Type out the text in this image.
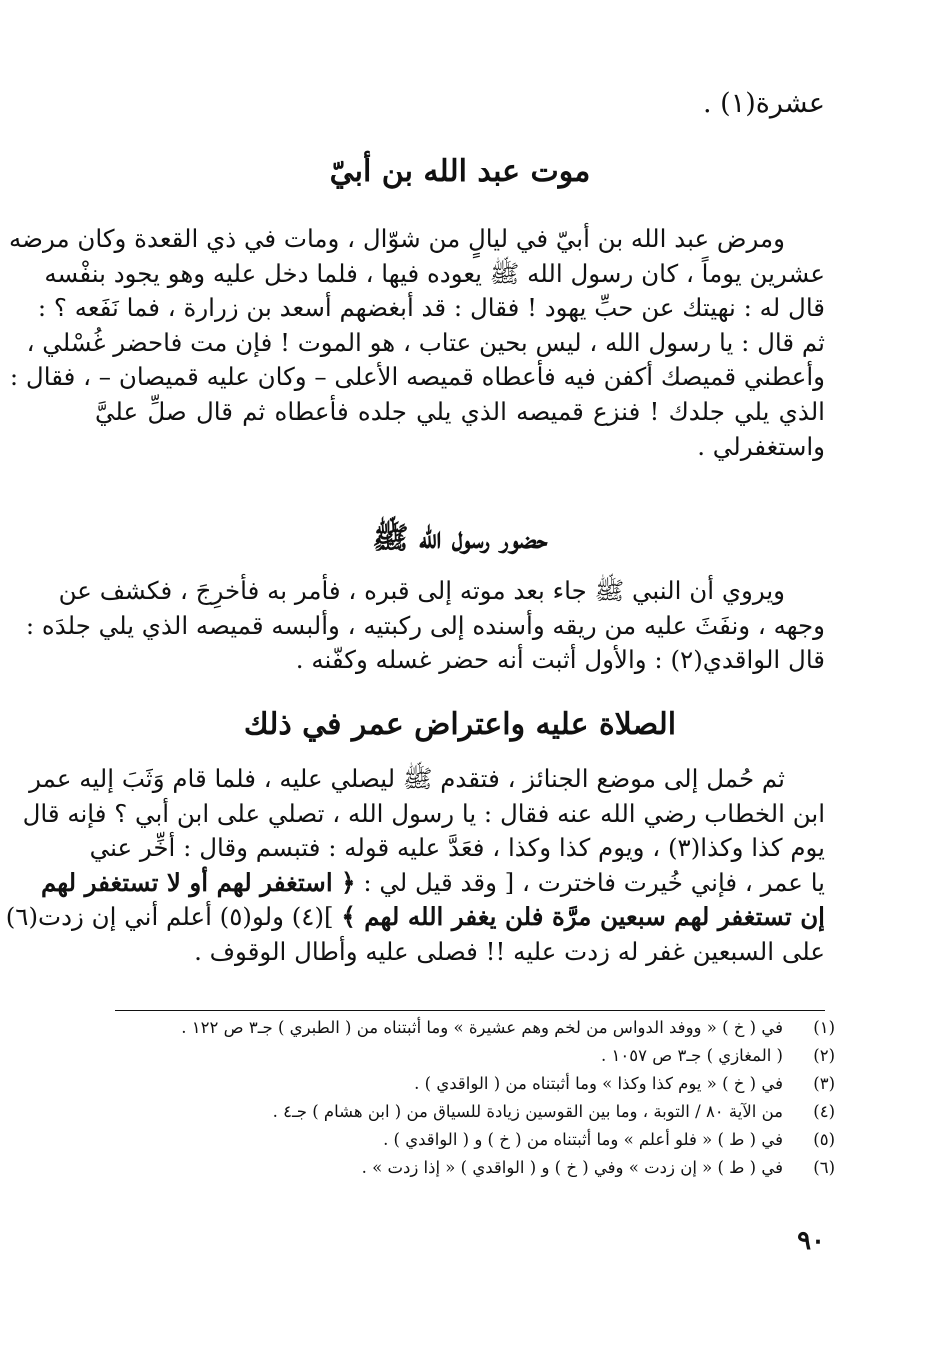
عشرة(١) .
موت عبد الله بن أبيّ
ومرض عبد الله بن أبيّ في ليالٍ من شوّال ، ومات في ذي القعدة وكان مرضه
عشرين يوماً ، كان رسول الله ﷺ يعوده فيها ، فلما دخل عليه وهو يجود بنفْسه
قال له : نهيتك عن حبِّ يهود ! فقال : قد أبغضهم أسعد بن زرارة ، فما نَفَعه ؟ :
ثم قال : يا رسول الله ، ليس بحين عتاب ، هو الموت ! فإن مت فاحضر غُسْلي ،
وأعطني قميصك أكفن فيه فأعطاه قميصه الأعلى – وكان عليه قميصان – ، فقال :
الذي يلي جلدك ! فنزع قميصه الذي يلي جلده فأعطاه ثم قال صلِّ عليَّ
واستغفرلي .
حضور رسول الله ﷺ
ويروي أن النبي ﷺ جاء بعد موته إلى قبره ، فأمر به فأخرِجَ ، فكشف عن
وجهه ، ونفَثَ عليه من ريقه وأسنده إلى ركبتيه ، وألبسه قميصه الذي يلي جلدَه :
قال الواقدي(٢) : والأول أثبت أنه حضر غسله وكفّنه .
الصلاة عليه واعتراض عمر في ذلك
ثم حُمل إلى موضع الجنائز ، فتقدم ﷺ ليصلي عليه ، فلما قام وَثَبَ إليه عمر
ابن الخطاب رضي الله عنه فقال : يا رسول الله ، تصلي على ابن أبي ؟ فإنه قال
يوم كذا وكذا(٣) ، ويوم كذا وكذا ، فعَدَّ عليه قوله : فتبسم وقال : أخِّر عني
يا عمر ، فإني خُيرت فاخترت ، [ وقد قيل لي : ﴿ استغفر لهم أو لا تستغفر لهم
إن تستغفر لهم سبعين مرَّة فلن يغفر الله لهم ﴾ ](٤) ولو(٥) أعلم أني إن زدت(٦)
على السبعين غفر له زدت عليه !! فصلى عليه وأطال الوقوف .
(١)
في ( خ ) « ووفد الدواس من لخم وهم عشيرة » وما أثبتناه من ( الطبري ) جـ٣ ص ١٢٢ .
(٢)
( المغازي ) جـ٣ ص ١٠٥٧ .
(٣)
في ( خ ) « يوم كذا وكذا » وما أثبتناه من ( الواقدي ) .
(٤)
من الآية ٨٠ / التوبة ، وما بين القوسين زيادة للسياق من ( ابن هشام ) جـ٤ .
(٥)
في ( ط ) « فلو أعلم » وما أثبتناه من ( خ ) و ( الواقدي ) .
(٦)
في ( ط ) « إن زدت » وفي ( خ ) و ( الواقدي ) « إذا زدت » .
٩٠
